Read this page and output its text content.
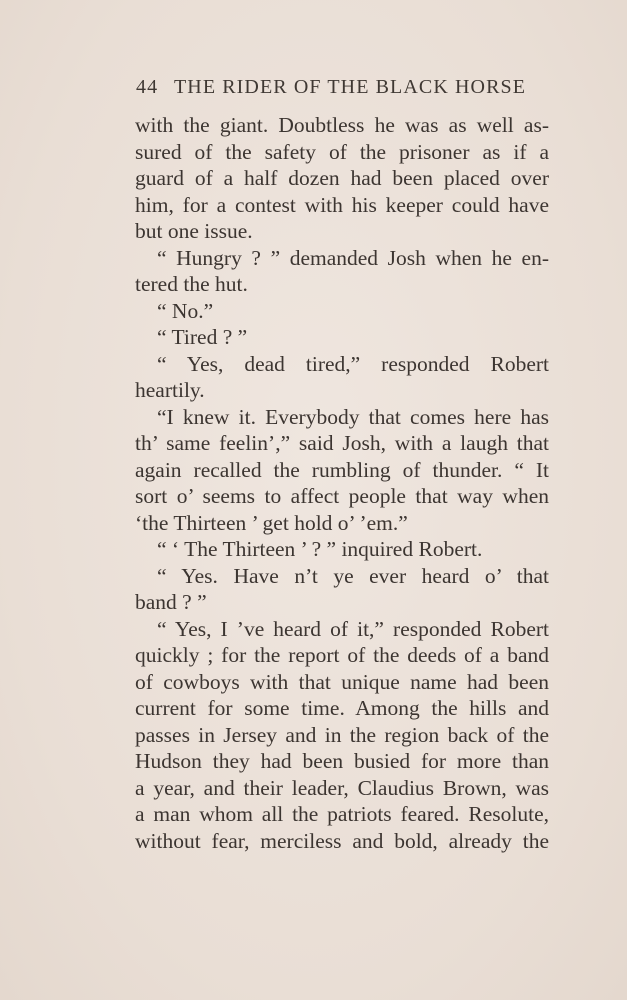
44 THE RIDER OF THE BLACK HORSE
with the giant. Doubtless he was as well as-
sured of the safety of the prisoner as if a
guard of a half dozen had been placed over
him, for a contest with his keeper could have
but one issue.
“ Hungry ? ” demanded Josh when he en-
tered the hut.
“ No.”
“ Tired ? ”
“ Yes, dead tired,” responded Robert
heartily.
“I knew it. Everybody that comes here has
th’ same feelin’,” said Josh, with a laugh that
again recalled the rumbling of thunder. “ It
sort o’ seems to affect people that way when
‘the Thirteen ’ get hold o’ ’em.”
“ ‘ The Thirteen ’ ? ” inquired Robert.
“ Yes. Have n’t ye ever heard o’ that
band ? ”
“ Yes, I ’ve heard of it,” responded Robert
quickly ; for the report of the deeds of a band
of cowboys with that unique name had been
current for some time. Among the hills and
passes in Jersey and in the region back of the
Hudson they had been busied for more than
a year, and their leader, Claudius Brown, was
a man whom all the patriots feared. Resolute,
without fear, merciless and bold, already the
